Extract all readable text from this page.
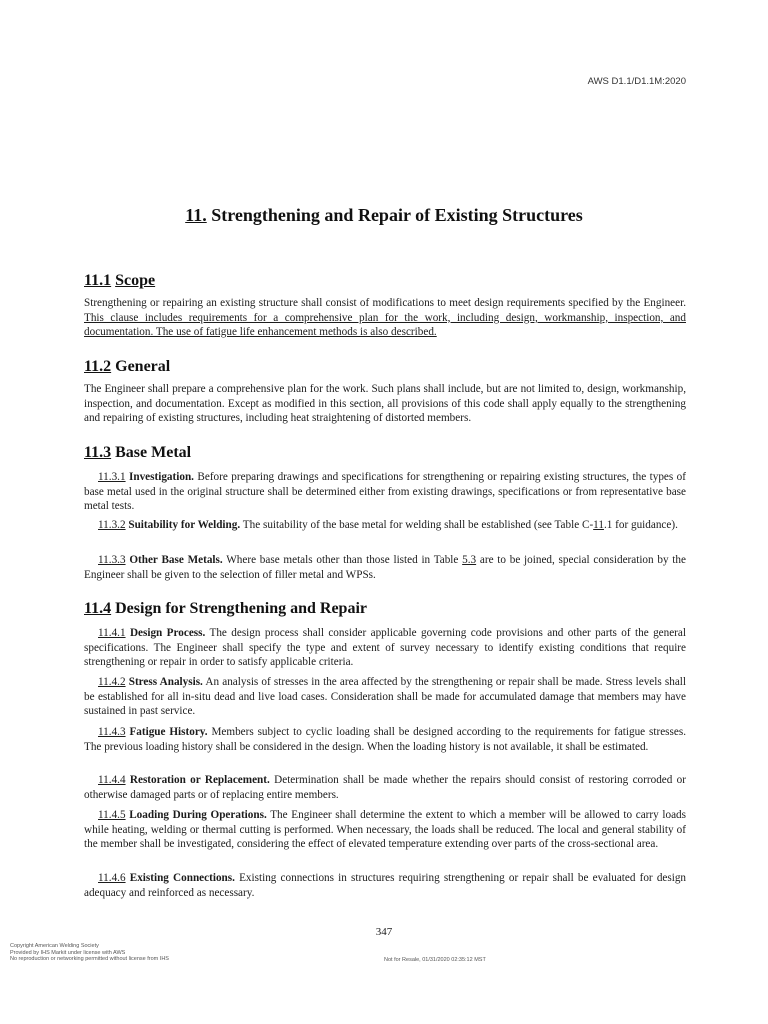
AWS D1.1/D1.1M:2020
11. Strengthening and Repair of Existing Structures
11.1 Scope
Strengthening or repairing an existing structure shall consist of modifications to meet design requirements specified by the Engineer. This clause includes requirements for a comprehensive plan for the work, including design, workmanship, inspection, and documentation. The use of fatigue life enhancement methods is also described.
11.2 General
The Engineer shall prepare a comprehensive plan for the work. Such plans shall include, but are not limited to, design, workmanship, inspection, and documentation. Except as modified in this section, all provisions of this code shall apply equally to the strengthening and repairing of existing structures, including heat straightening of distorted members.
11.3 Base Metal
11.3.1 Investigation. Before preparing drawings and specifications for strengthening or repairing existing structures, the types of base metal used in the original structure shall be determined either from existing drawings, specifications or from representative base metal tests.
11.3.2 Suitability for Welding. The suitability of the base metal for welding shall be established (see Table C-11.1 for guidance).
11.3.3 Other Base Metals. Where base metals other than those listed in Table 5.3 are to be joined, special consideration by the Engineer shall be given to the selection of filler metal and WPSs.
11.4 Design for Strengthening and Repair
11.4.1 Design Process. The design process shall consider applicable governing code provisions and other parts of the general specifications. The Engineer shall specify the type and extent of survey necessary to identify existing conditions that require strengthening or repair in order to satisfy applicable criteria.
11.4.2 Stress Analysis. An analysis of stresses in the area affected by the strengthening or repair shall be made. Stress levels shall be established for all in-situ dead and live load cases. Consideration shall be made for accumulated damage that members may have sustained in past service.
11.4.3 Fatigue History. Members subject to cyclic loading shall be designed according to the requirements for fatigue stresses. The previous loading history shall be considered in the design. When the loading history is not available, it shall be estimated.
11.4.4 Restoration or Replacement. Determination shall be made whether the repairs should consist of restoring corroded or otherwise damaged parts or of replacing entire members.
11.4.5 Loading During Operations. The Engineer shall determine the extent to which a member will be allowed to carry loads while heating, welding or thermal cutting is performed. When necessary, the loads shall be reduced. The local and general stability of the member shall be investigated, considering the effect of elevated temperature extending over parts of the cross-sectional area.
11.4.6 Existing Connections. Existing connections in structures requiring strengthening or repair shall be evaluated for design adequacy and reinforced as necessary.
347
Copyright American Welding Society
Provided by IHS Markit under license with AWS
No reproduction or networking permitted without license from IHS	Not for Resale, 01/31/2020 02:35:12 MST
